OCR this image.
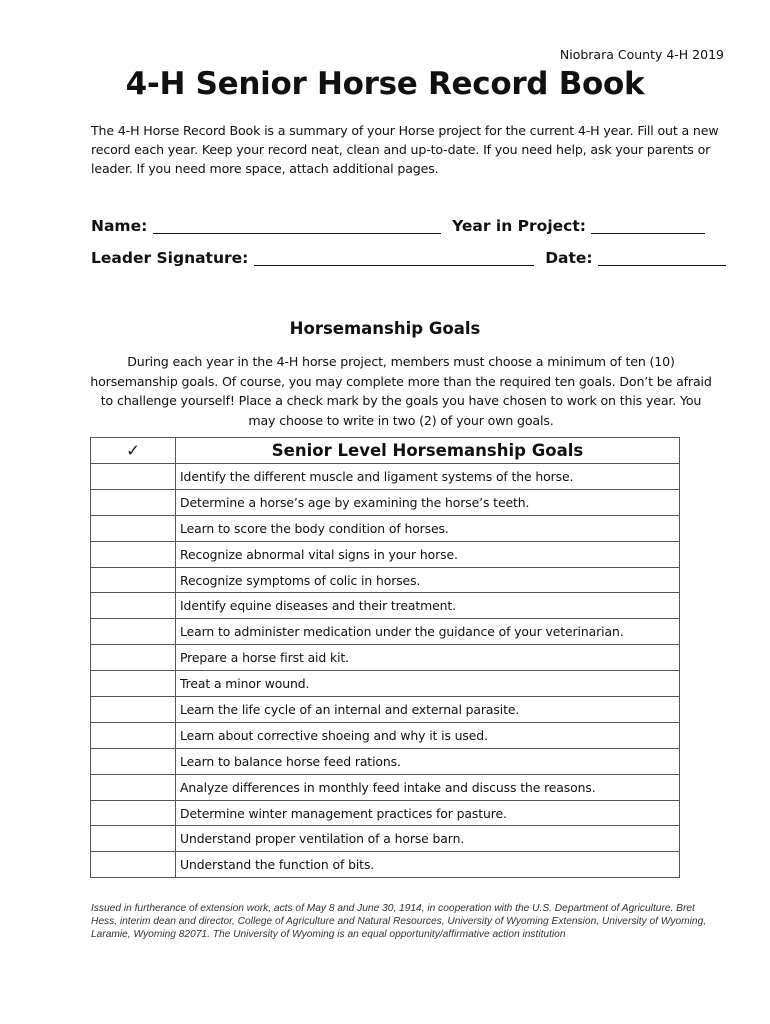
Niobrara County 4-H 2019
4-H Senior Horse Record Book
The 4-H Horse Record Book is a summary of your Horse project for the current 4-H year. Fill out a new record each year. Keep your record neat, clean and up-to-date. If you need help, ask your parents or leader. If you need more space, attach additional pages.
Name:	Year in Project:
Leader Signature:	Date:
Horsemanship Goals
During each year in the 4-H horse project, members must choose a minimum of ten (10) horsemanship goals. Of course, you may complete more than the required ten goals. Don’t be afraid to challenge yourself! Place a check mark by the goals you have chosen to work on this year. You may choose to write in two (2) of your own goals.
✓	Senior Level Horsemanship Goals
	Identify the different muscle and ligament systems of the horse.
	Determine a horse’s age by examining the horse’s teeth.
	Learn to score the body condition of horses.
	Recognize abnormal vital signs in your horse.
	Recognize symptoms of colic in horses.
	Identify equine diseases and their treatment.
	Learn to administer medication under the guidance of your veterinarian.
	Prepare a horse first aid kit.
	Treat a minor wound.
	Learn the life cycle of an internal and external parasite.
	Learn about corrective shoeing and why it is used.
	Learn to balance horse feed rations.
	Analyze differences in monthly feed intake and discuss the reasons.
	Determine winter management practices for pasture.
	Understand proper ventilation of a horse barn.
	Understand the function of bits.
Issued in furtherance of extension work, acts of May 8 and June 30, 1914, in cooperation with the U.S. Department of Agriculture. Bret Hess, interim dean and director, College of Agriculture and Natural Resources, University of Wyoming Extension, University of Wyoming, Laramie, Wyoming 82071. The University of Wyoming is an equal opportunity/affirmative action institution
